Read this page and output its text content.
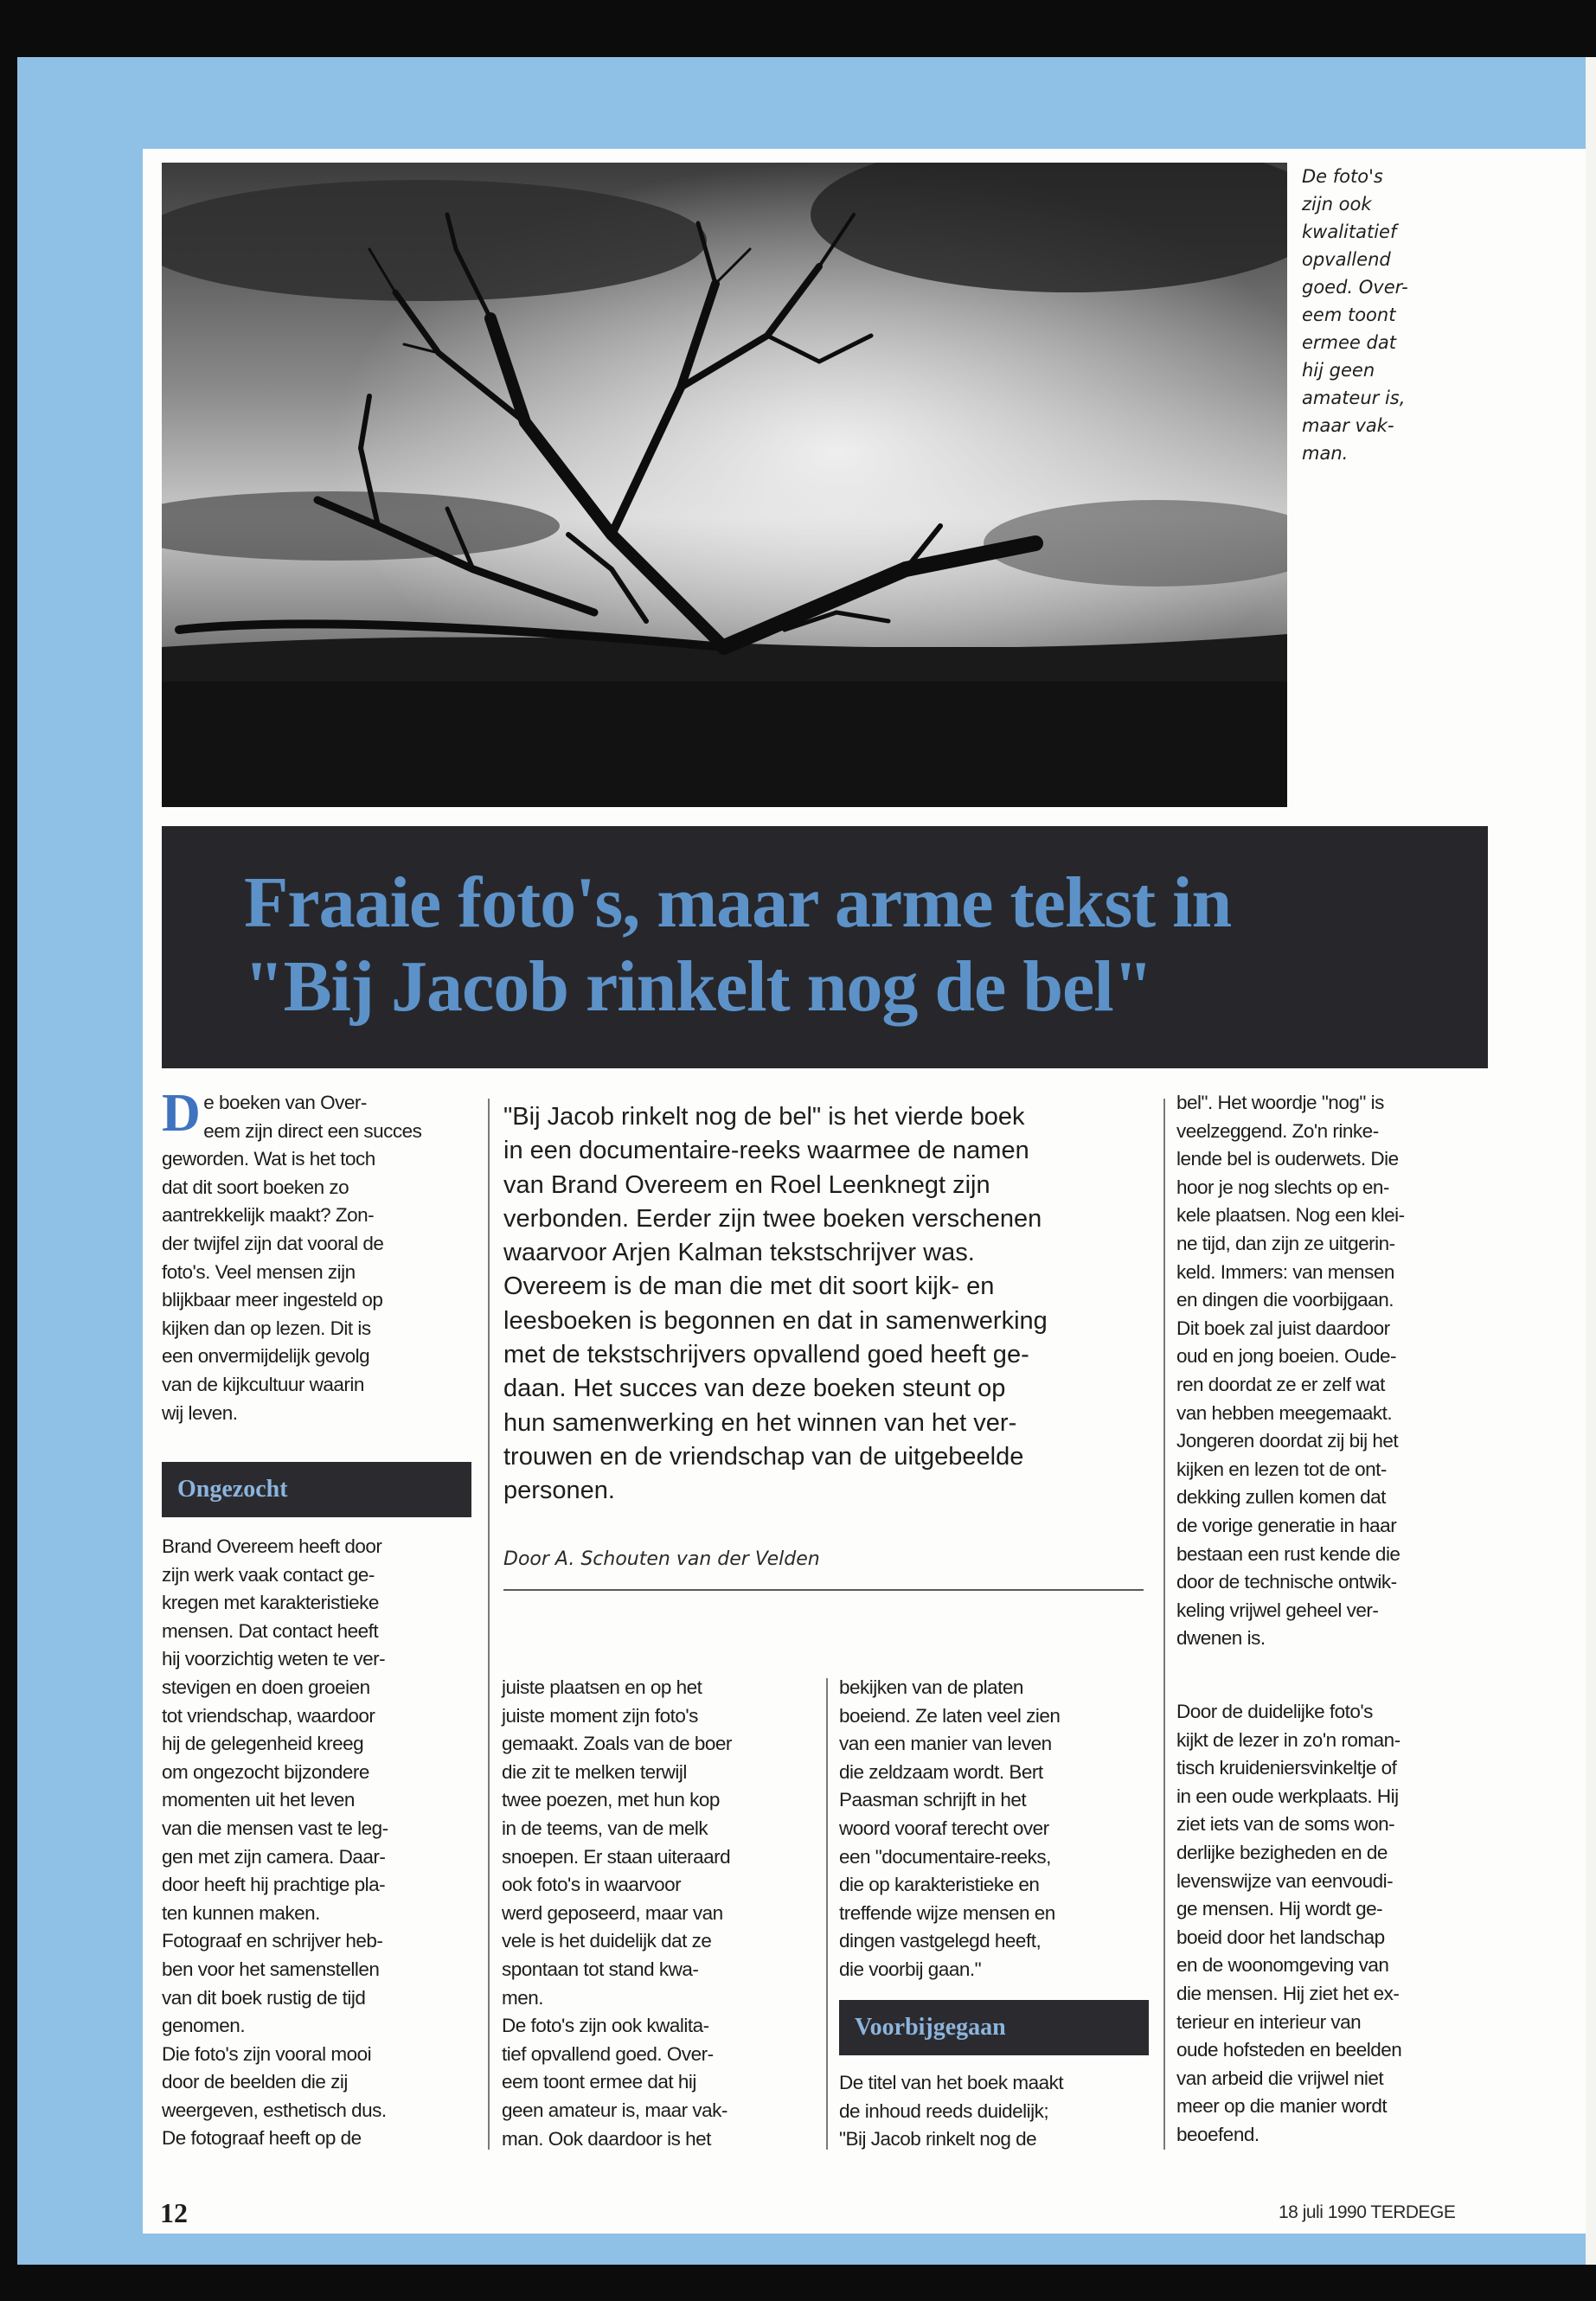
De foto's
zijn ook
kwalitatief
opvallend
goed. Over-
eem toont
ermee dat
hij geen
amateur is,
maar vak-
man.
Fraaie foto's, maar arme tekst in
"Bij Jacob rinkelt nog de bel"
De boeken van Over-
eem zijn direct een succes
geworden. Wat is het toch
dat dit soort boeken zo
aantrekkelijk maakt? Zon-
der twijfel zijn dat vooral de
foto's. Veel mensen zijn
blijkbaar meer ingesteld op
kijken dan op lezen. Dit is
een onvermijdelijk gevolg
van de kijkcultuur waarin
wij leven.
Ongezocht
Brand Overeem heeft door
zijn werk vaak contact ge-
kregen met karakteristieke
mensen. Dat contact heeft
hij voorzichtig weten te ver-
stevigen en doen groeien
tot vriendschap, waardoor
hij de gelegenheid kreeg
om ongezocht bijzondere
momenten uit het leven
van die mensen vast te leg-
gen met zijn camera. Daar-
door heeft hij prachtige pla-
ten kunnen maken.
Fotograaf en schrijver heb-
ben voor het samenstellen
van dit boek rustig de tijd
genomen.
Die foto's zijn vooral mooi
door de beelden die zij
weergeven, esthetisch dus.
De fotograaf heeft op de
"Bij Jacob rinkelt nog de bel" is het vierde boek
in een documentaire-reeks waarmee de namen
van Brand Overeem en Roel Leenknegt zijn
verbonden. Eerder zijn twee boeken verschenen
waarvoor Arjen Kalman tekstschrijver was.
Overeem is de man die met dit soort kijk- en
leesboeken is begonnen en dat in samenwerking
met de tekstschrijvers opvallend goed heeft ge-
daan. Het succes van deze boeken steunt op
hun samenwerking en het winnen van het ver-
trouwen en de vriendschap van de uitgebeelde
personen.
Door A. Schouten van der Velden
juiste plaatsen en op het
juiste moment zijn foto's
gemaakt. Zoals van de boer
die zit te melken terwijl
twee poezen, met hun kop
in de teems, van de melk
snoepen. Er staan uiteraard
ook foto's in waarvoor
werd geposeerd, maar van
vele is het duidelijk dat ze
spontaan tot stand kwa-
men.
De foto's zijn ook kwalita-
tief opvallend goed. Over-
eem toont ermee dat hij
geen amateur is, maar vak-
man. Ook daardoor is het
bekijken van de platen
boeiend. Ze laten veel zien
van een manier van leven
die zeldzaam wordt. Bert
Paasman schrijft in het
woord vooraf terecht over
een "documentaire-reeks,
die op karakteristieke en
treffende wijze mensen en
dingen vastgelegd heeft,
die voorbij gaan."
Voorbijgegaan
De titel van het boek maakt
de inhoud reeds duidelijk;
"Bij Jacob rinkelt nog de
bel". Het woordje "nog" is
veelzeggend. Zo'n rinke-
lende bel is ouderwets. Die
hoor je nog slechts op en-
kele plaatsen. Nog een klei-
ne tijd, dan zijn ze uitgerin-
keld. Immers: van mensen
en dingen die voorbijgaan.
Dit boek zal juist daardoor
oud en jong boeien. Oude-
ren doordat ze er zelf wat
van hebben meegemaakt.
Jongeren doordat zij bij het
kijken en lezen tot de ont-
dekking zullen komen dat
de vorige generatie in haar
bestaan een rust kende die
door de technische ontwik-
keling vrijwel geheel ver-
dwenen is.
Door de duidelijke foto's
kijkt de lezer in zo'n roman-
tisch kruideniersvinkeltje of
in een oude werkplaats. Hij
ziet iets van de soms won-
derlijke bezigheden en de
levenswijze van eenvoudi-
ge mensen. Hij wordt ge-
boeid door het landschap
en de woonomgeving van
die mensen. Hij ziet het ex-
terieur en interieur van
oude hofsteden en beelden
van arbeid die vrijwel niet
meer op die manier wordt
beoefend.
12	18 juli 1990 TERDEGE
